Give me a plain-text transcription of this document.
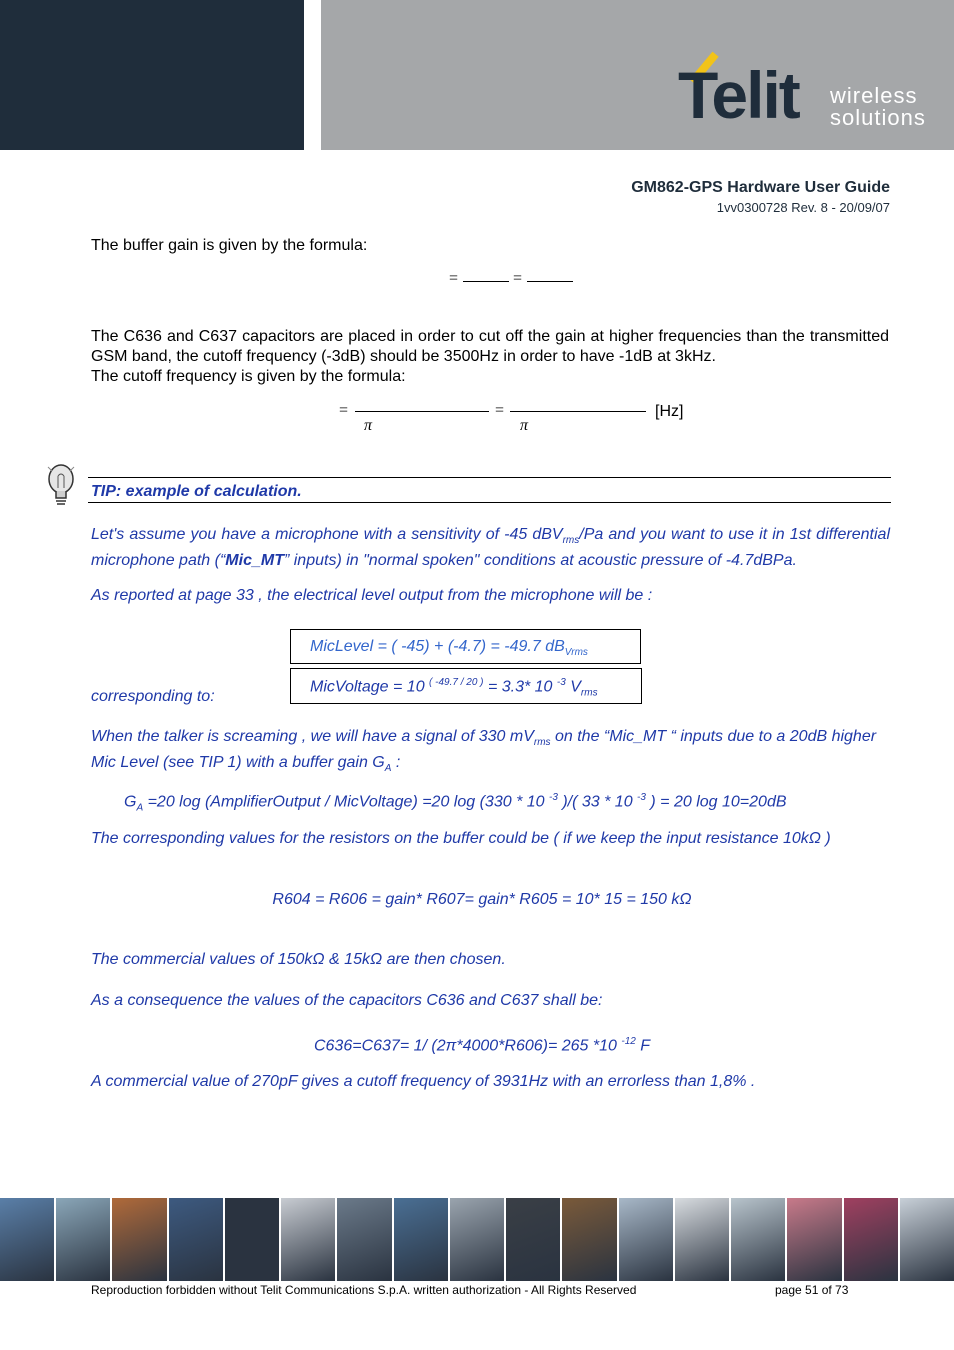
Telit wireless
solutions
GM862-GPS Hardware User Guide
1vv0300728 Rev. 8 - 20/09/07
The buffer gain is given by the formula:
=	=
The C636 and C637 capacitors are placed in order to cut off the gain at higher frequencies than the transmitted GSM band, the cutoff frequency (-3dB) should be 3500Hz in order to have -1dB at 3kHz.
The cutoff frequency is given by the formula:
=
π
=
π
[Hz]
TIP: example of calculation.
Let's assume you have a microphone with a sensitivity of -45 dBV$_{rms}$/Pa and you want to use it in 1st differential microphone path (“Mic_MT” inputs) in "normal spoken" conditions at acoustic pressure of -4.7dBPa.
As reported at page 33 , the electrical level output from the microphone will be :
MicLevel = ( -45) + (-4.7) = -49.7 $dB_{Vrms}$
corresponding to:
MicVoltage = 10 $^{( -49.7 / 20 )}$ = 3.3* 10 $^{-3}$ $V_{rms}$
When the talker is screaming , we will have a signal of 330 $mV_{rms}$ on the “Mic_MT “ inputs due to a 20dB higher Mic Level (see TIP 1) with a buffer gain $G_A$ :
$G_A =20$ log (AmplifierOutput / MicVoltage) =20 log (330 * 10 $^{-3}$ )/( 33 * 10 $^{-3}$ ) = 20 log 10=20dB
The corresponding values for the resistors on the buffer could be ( if we keep the input resistance 10kΩ )
R604 = R606 = gain* R607= gain* R605 = 10* 15 = 150 kΩ
The commercial values of 150kΩ & 15kΩ are then chosen.
As a consequence the values of the capacitors C636 and C637 shall be:
C636=C637= 1/ (2π*4000*R606)= 265 *10 $^{-12}$ F
A commercial value of 270pF gives a cutoff frequency of 3931Hz with an errorless than 1,8% .
Reproduction forbidden without Telit Communications S.p.A. written authorization - All Rights Reserved	page 51 of 73
